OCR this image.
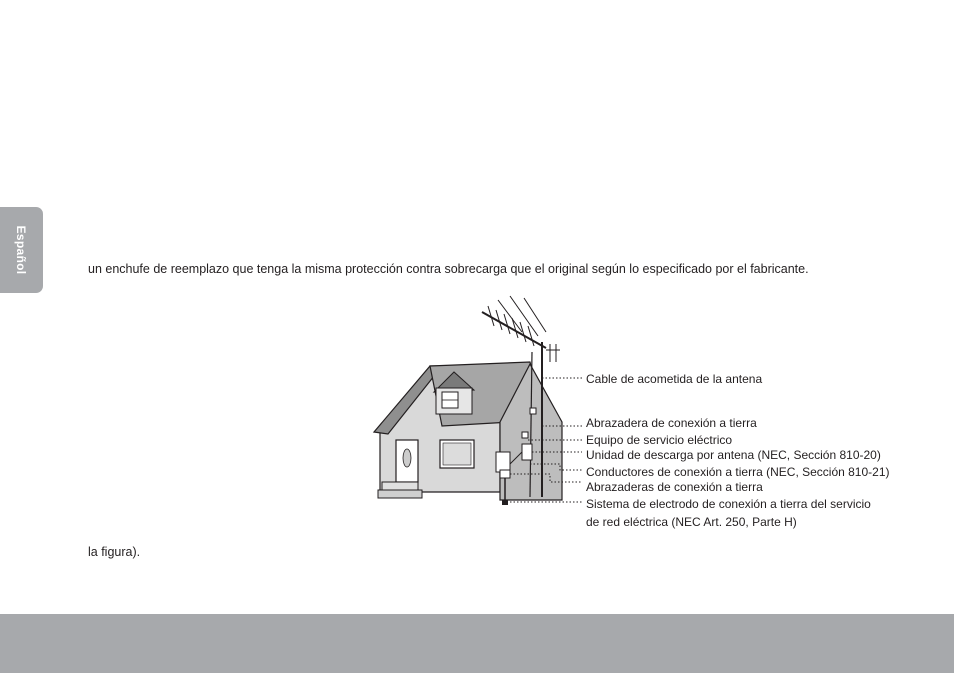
Español	un enchufe de reemplazo que tenga la misma protección contra sobrecarga que el original según lo especificado por el fabricante.

Cable de acometida de la antena
Abrazadera de conexión a tierra
Equipo de servicio eléctrico
Unidad de descarga por antena (NEC, Sección 810-20)
Conductores de conexión a tierra (NEC, Sección 810-21)
Abrazaderas de conexión a tierra
Sistema de electrodo de conexión a tierra del servicio
de red eléctrica (NEC Art. 250, Parte H)

la figura).
